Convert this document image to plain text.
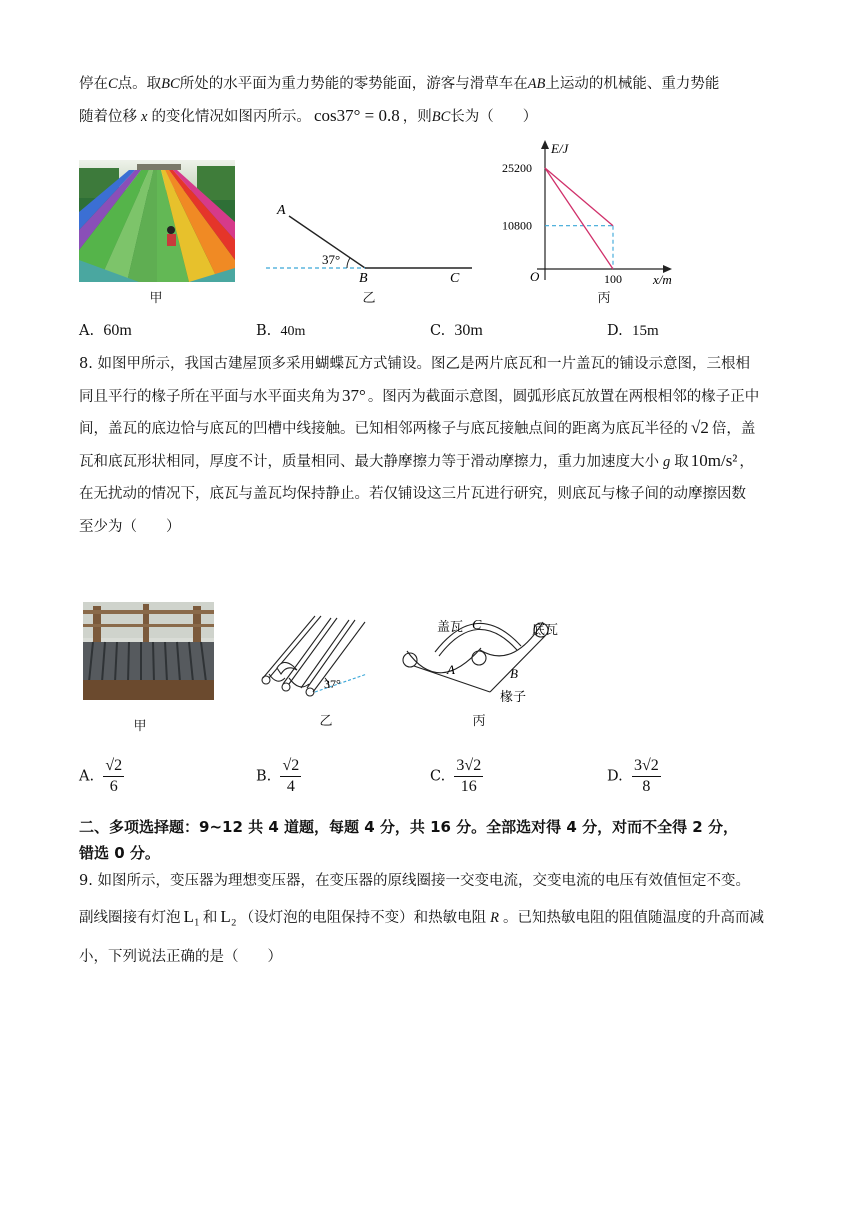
停在C点。取BC所处的水平面为重力势能的零势能面，游客与滑草车在AB上运动的机械能、重力势能
随着位移 x 的变化情况如图丙所示。 cos37° = 0.8 ，则BC长为（　　）
甲
A
B	C
37°
乙
E/J
x/m
O
25200
10800
100
丙
A. 60m	B. 40m	C. 30m	D. 15m
8. 如图甲所示，我国古建屋顶多采用蝴蝶瓦方式铺设。图乙是两片底瓦和一片盖瓦的铺设示意图，三根相
同且平行的椽子所在平面与水平面夹角为 37° 。图丙为截面示意图，圆弧形底瓦放置在两根相邻的椽子正中
间，盖瓦的底边恰与底瓦的凹槽中线接触。已知相邻两椽子与底瓦接触点间的距离为底瓦半径的 √2 倍，盖
瓦和底瓦形状相同，厚度不计，质量相同、最大静摩擦力等于滑动摩擦力，重力加速度大小 g 取 10m/s² ，
在无扰动的情况下，底瓦与盖瓦均保持静止。若仅铺设这三片瓦进行研究，则底瓦与椽子间的动摩擦因数
至少为（　　）
甲
37°
乙
盖瓦 C	底瓦
A	B
椽子
丙
A. $\frac{√2}{6}$	B. $\frac{√2}{4}$	C. $\frac{3√2}{16}$	D. $\frac{3√2}{8}$
二、多项选择题：9~12 共 4 道题，每题 4 分，共 16 分。全部选对得 4 分，对而不全得 2 分，
错选 0 分。
9. 如图所示，变压器为理想变压器，在变压器的原线圈接一交变电流，交变电流的电压有效值恒定不变。
副线圈接有灯泡 L₁ 和 L₂ （设灯泡的电阻保持不变）和热敏电阻 R 。已知热敏电阻的阻值随温度的升高而减
小，下列说法正确的是（　　）
